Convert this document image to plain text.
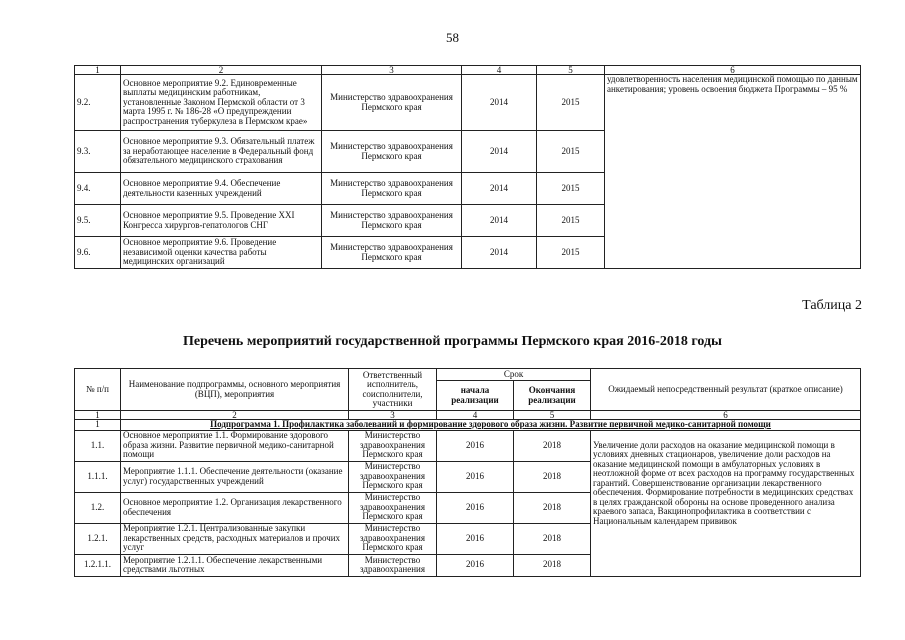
58
1	2	3	4	5	6
9.2.	Основное мероприятие 9.2. Единовременные выплаты медицинским работникам, установленные Законом Пермской области от 3 марта 1995 г. № 186-28 «О предупреждении распространения туберкулеза в Пермском крае»	Министерство здравоохранения Пермского края	2014	2015	удовлетворенность населения медицинской помощью по данным анкетирования; уровень освоения бюджета Программы – 95 %
9.3.	Основное мероприятие 9.3. Обязательный платеж за неработающее население в Федеральный фонд обязательного медицинского страхования	Министерство здравоохранения Пермского края	2014	2015	
9.4.	Основное мероприятие 9.4. Обеспечение деятельности казенных учреждений	Министерство здравоохранения Пермского края	2014	2015	
9.5.	Основное мероприятие 9.5. Проведение XXI Конгресса хирургов-гепатологов СНГ	Министерство здравоохранения Пермского края	2014	2015	
9.6.	Основное мероприятие 9.6. Проведение независимой оценки качества работы медицинских организаций	Министерство здравоохранения Пермского края	2014	2015	
Таблица 2
Перечень мероприятий государственной программы Пермского края 2016-2018 годы
№ п/п	Наименование подпрограммы, основного мероприятия (ВЦП), мероприятия	Ответственный исполнитель, соисполнители, участники	Срок		Ожидаемый непосредственный результат (краткое описание)
			начала реализации	Окончания реализации	
1	2	3	4	5	6
1	Подпрограмма 1. Профилактика заболеваний и формирование здорового образа жизни. Развитие первичной медико-санитарной помощи				
1.1.	Основное мероприятие 1.1. Формирование здорового образа жизни. Развитие первичной медико-санитарной помощи	Министерство здравоохранения Пермского края	2016	2018	Увеличение доли расходов на оказание медицинской помощи в условиях дневных стационаров, увеличение доли расходов на оказание медицинской помощи в амбулаторных условиях в неотложной форме от всех расходов на программу государственных гарантий. Совершенствование организации лекарственного обеспечения. Формирование потребности в медицинских средствах в целях гражданской обороны на основе проведенного анализа краевого запаса, Вакцинопрофилактика в соответствии с Национальным календарем прививок
1.1.1.	Мероприятие 1.1.1. Обеспечение деятельности (оказание услуг) государственных учреждений	Министерство здравоохранения Пермского края	2016	2018	
1.2.	Основное мероприятие 1.2. Организация лекарственного обеспечения	Министерство здравоохранения Пермского края	2016	2018	
1.2.1.	Мероприятие 1.2.1. Централизованные закупки лекарственных средств, расходных материалов и прочих услуг	Министерство здравоохранения Пермского края	2016	2018	
1.2.1.1.	Мероприятие 1.2.1.1. Обеспечение лекарственными средствами льготных	Министерство здравоохранения	2016	2018	
